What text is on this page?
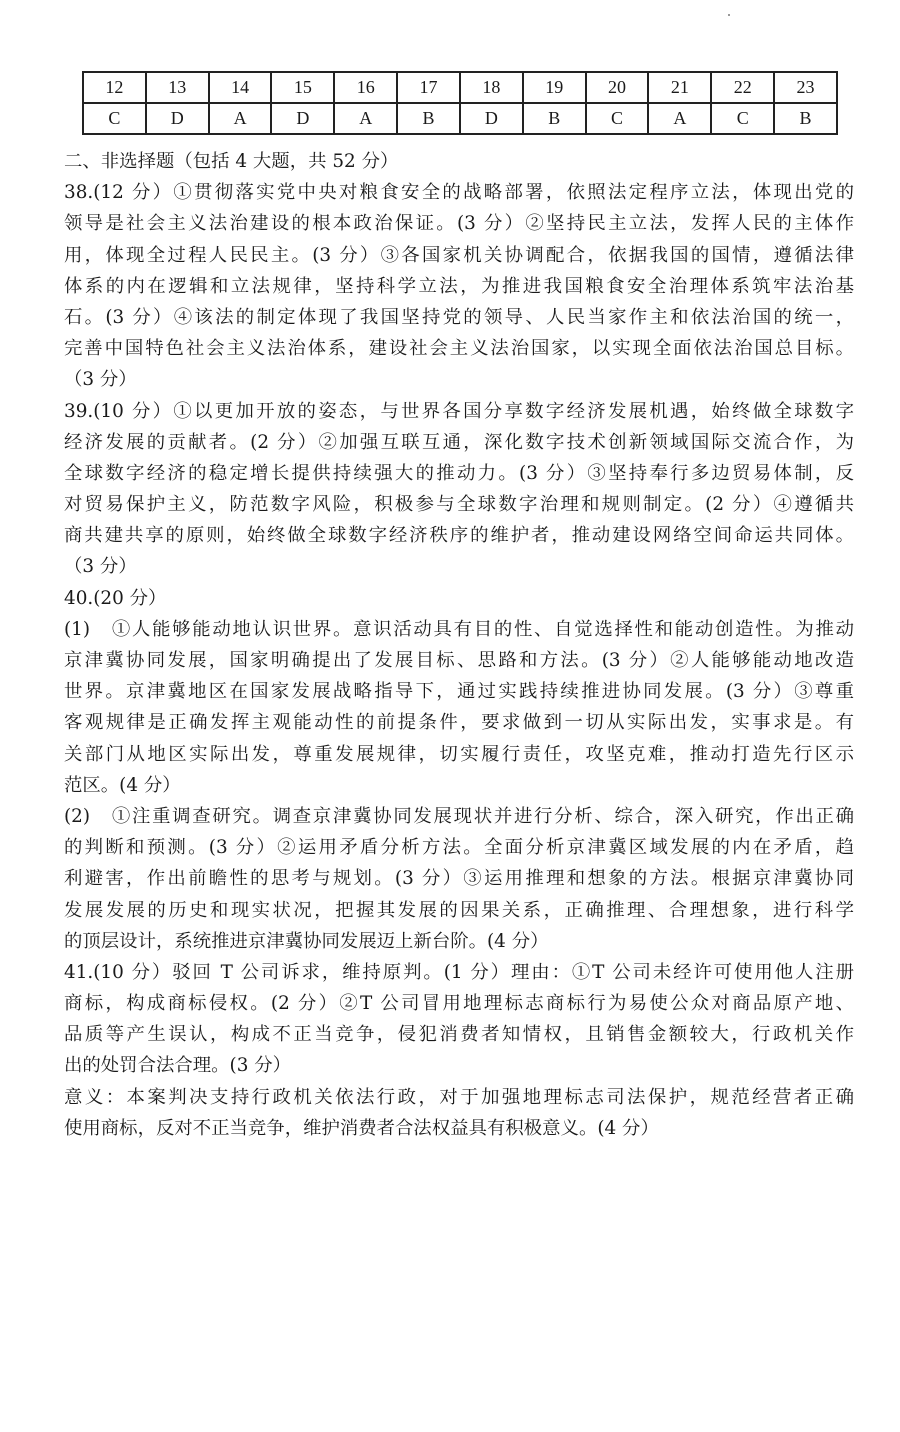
12	13	14	15	16	17	18	19	20	21	22	23
C	D	A	D	A	B	D	B	C	A	C	B
二、非选择题（包括 4 大题，共 52 分）
38.(12 分）①贯彻落实党中央对粮食安全的战略部署，依照法定程序立法，体现出党的
领导是社会主义法治建设的根本政治保证。(3 分）②坚持民主立法，发挥人民的主体作
用，体现全过程人民民主。(3 分）③各国家机关协调配合，依据我国的国情，遵循法律
体系的内在逻辑和立法规律，坚持科学立法，为推进我国粮食安全治理体系筑牢法治基
石。(3 分）④该法的制定体现了我国坚持党的领导、人民当家作主和依法治国的统一，
完善中国特色社会主义法治体系，建设社会主义法治国家，以实现全面依法治国总目标。
（3 分）
39.(10 分）①以更加开放的姿态，与世界各国分享数字经济发展机遇，始终做全球数字
经济发展的贡献者。(2 分）②加强互联互通，深化数字技术创新领域国际交流合作，为
全球数字经济的稳定增长提供持续强大的推动力。(3 分）③坚持奉行多边贸易体制，反
对贸易保护主义，防范数字风险，积极参与全球数字治理和规则制定。(2 分）④遵循共
商共建共享的原则，始终做全球数字经济秩序的维护者，推动建设网络空间命运共同体。
（3 分）
40.(20 分）
(1)　①人能够能动地认识世界。意识活动具有目的性、自觉选择性和能动创造性。为推动
京津冀协同发展，国家明确提出了发展目标、思路和方法。(3 分）②人能够能动地改造
世界。京津冀地区在国家发展战略指导下，通过实践持续推进协同发展。(3 分）③尊重
客观规律是正确发挥主观能动性的前提条件，要求做到一切从实际出发，实事求是。有
关部门从地区实际出发，尊重发展规律，切实履行责任，攻坚克难，推动打造先行区示
范区。(4 分）
(2)　①注重调查研究。调查京津冀协同发展现状并进行分析、综合，深入研究，作出正确
的判断和预测。(3 分）②运用矛盾分析方法。全面分析京津冀区域发展的内在矛盾，趋
利避害，作出前瞻性的思考与规划。(3 分）③运用推理和想象的方法。根据京津冀协同
发展发展的历史和现实状况，把握其发展的因果关系，正确推理、合理想象，进行科学
的顶层设计，系统推进京津冀协同发展迈上新台阶。(4 分）
41.(10 分）驳回 T 公司诉求，维持原判。(1 分）理由：①T 公司未经许可使用他人注册
商标，构成商标侵权。(2 分）②T 公司冒用地理标志商标行为易使公众对商品原产地、
品质等产生误认，构成不正当竞争，侵犯消费者知情权，且销售金额较大，行政机关作
出的处罚合法合理。(3 分）
意义：本案判决支持行政机关依法行政，对于加强地理标志司法保护，规范经营者正确
使用商标，反对不正当竞争，维护消费者合法权益具有积极意义。(4 分）
